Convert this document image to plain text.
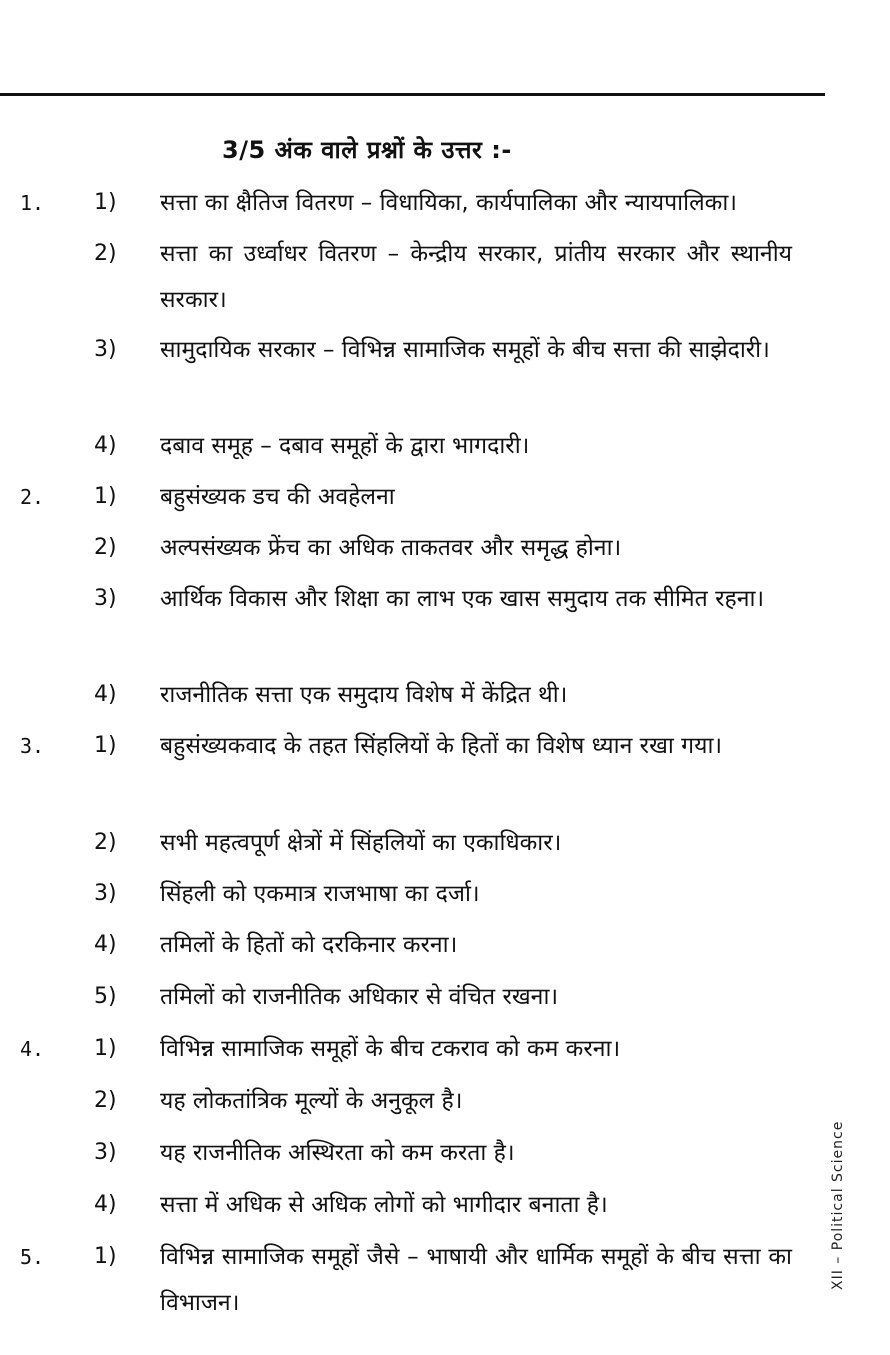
3/5 अंक वाले प्रश्नों के उत्तर :-
1. 1) सत्ता का क्षैतिज वितरण – विधायिका, कार्यपालिका और न्यायपालिका।
2) सत्ता का उर्ध्वाधर वितरण – केन्द्रीय सरकार, प्रांतीय सरकार और स्थानीय सरकार।
3) सामुदायिक सरकार – विभिन्न सामाजिक समूहों के बीच सत्ता की साझेदारी।
4) दबाव समूह – दबाव समूहों के द्वारा भागदारी।
2. 1) बहुसंख्यक डच की अवहेलना
2) अल्पसंख्यक फ्रेंच का अधिक ताकतवर और समृद्ध होना।
3) आर्थिक विकास और शिक्षा का लाभ एक खास समुदाय तक सीमित रहना।
4) राजनीतिक सत्ता एक समुदाय विशेष में केंद्रित थी।
3. 1) बहुसंख्यकवाद के तहत सिंहलियों के हितों का विशेष ध्यान रखा गया।
2) सभी महत्वपूर्ण क्षेत्रों में सिंहलियों का एकाधिकार।
3) सिंहली को एकमात्र राजभाषा का दर्जा।
4) तमिलों के हितों को दरकिनार करना।
5) तमिलों को राजनीतिक अधिकार से वंचित रखना।
4. 1) विभिन्न सामाजिक समूहों के बीच टकराव को कम करना।
2) यह लोकतांत्रिक मूल्यों के अनुकूल है।
3) यह राजनीतिक अस्थिरता को कम करता है।
4) सत्ता में अधिक से अधिक लोगों को भागीदार बनाता है।
5. 1) विभिन्न सामाजिक समूहों जैसे – भाषायी और धार्मिक समूहों के बीच सत्ता का विभाजन।
XII – Political Science
